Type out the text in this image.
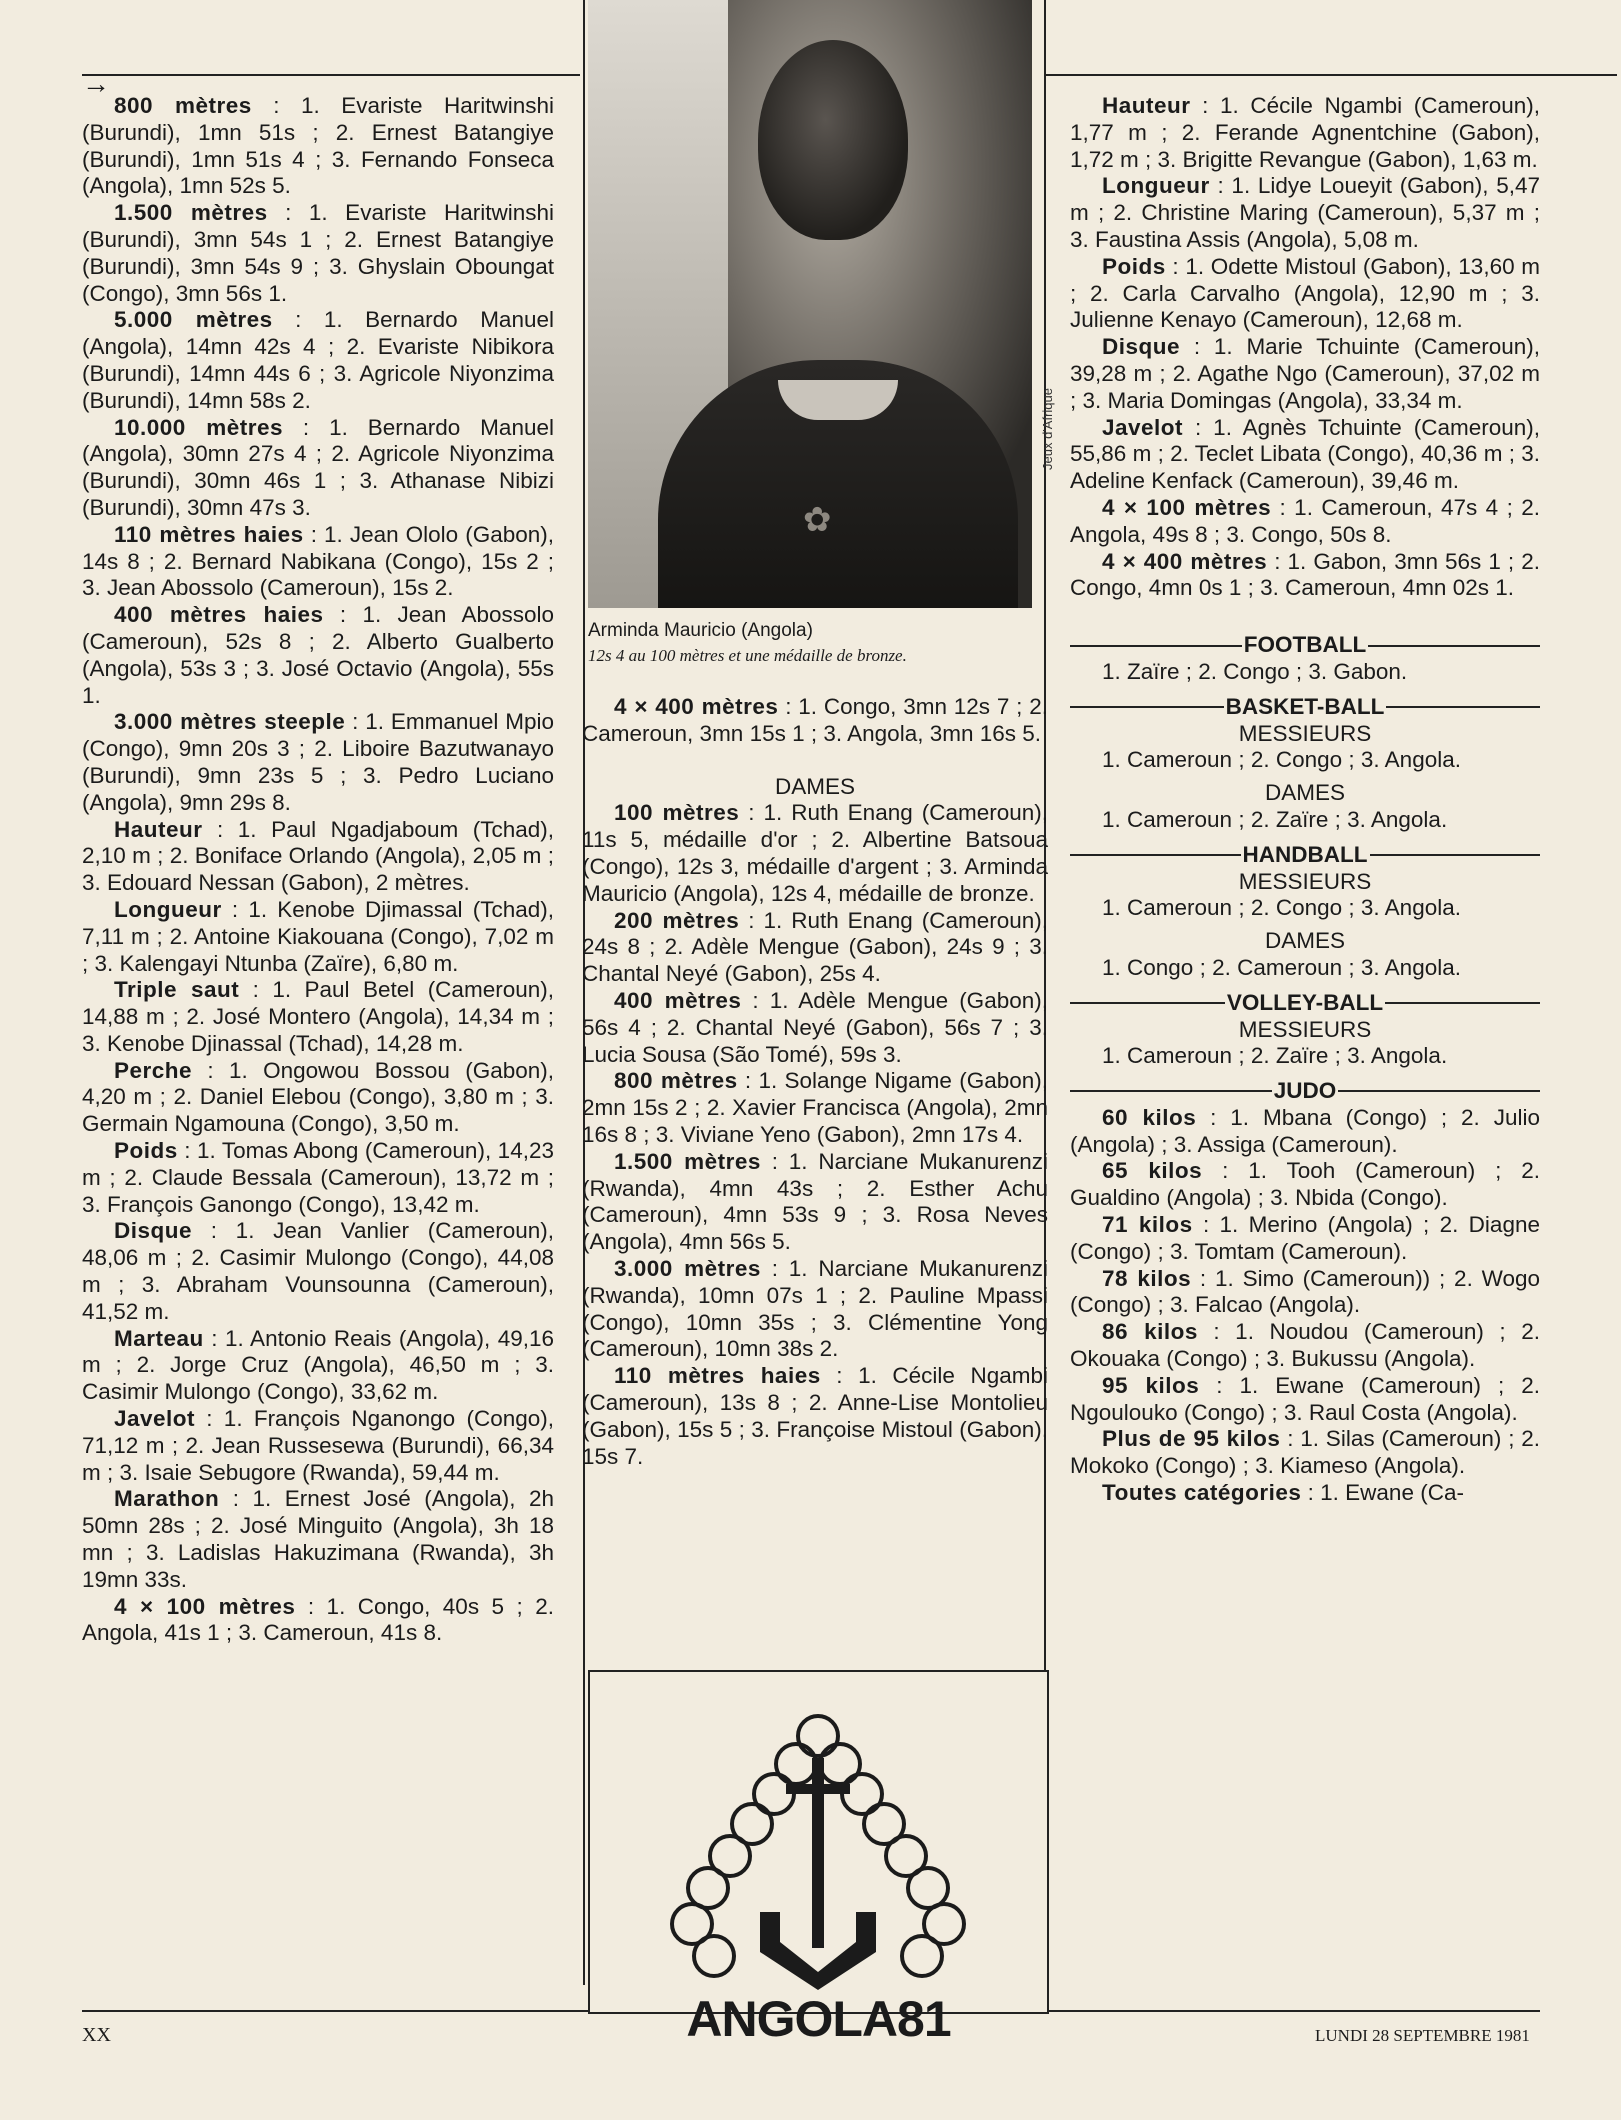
→

800 mètres : 1. Evariste Haritwinshi (Burundi), 1mn 51s ; 2. Ernest Batangiye (Burundi), 1mn 51s 4 ; 3. Fernando Fonseca (Angola), 1mn 52s 5.

1.500 mètres : 1. Evariste Haritwinshi (Burundi), 3mn 54s 1 ; 2. Ernest Batangiye (Burundi), 3mn 54s 9 ; 3. Ghyslain Oboungat (Congo), 3mn 56s 1.

5.000 mètres : 1. Bernardo Manuel (Angola), 14mn 42s 4 ; 2. Evariste Nibikora (Burundi), 14mn 44s 6 ; 3. Agricole Niyonzima (Burundi), 14mn 58s 2.

10.000 mètres : 1. Bernardo Manuel (Angola), 30mn 27s 4 ; 2. Agricole Niyonzima (Burundi), 30mn 46s 1 ; 3. Athanase Nibizi (Burundi), 30mn 47s 3.

110 mètres haies : 1. Jean Ololo (Gabon), 14s 8 ; 2. Bernard Nabikana (Congo), 15s 2 ; 3. Jean Abossolo (Cameroun), 15s 2.

400 mètres haies : 1. Jean Abossolo (Cameroun), 52s 8 ; 2. Alberto Gualberto (Angola), 53s 3 ; 3. José Octavio (Angola), 55s 1.

3.000 mètres steeple : 1. Emmanuel Mpio (Congo), 9mn 20s 3 ; 2. Liboire Bazutwanayo (Burundi), 9mn 23s 5 ; 3. Pedro Luciano (Angola), 9mn 29s 8.

Hauteur : 1. Paul Ngadjaboum (Tchad), 2,10 m ; 2. Boniface Orlando (Angola), 2,05 m ; 3. Edouard Nessan (Gabon), 2 mètres.

Longueur : 1. Kenobe Djimassal (Tchad), 7,11 m ; 2. Antoine Kiakouana (Congo), 7,02 m ; 3. Kalengayi Ntunba (Zaïre), 6,80 m.

Triple saut : 1. Paul Betel (Cameroun), 14,88 m ; 2. José Montero (Angola), 14,34 m ; 3. Kenobe Djinassal (Tchad), 14,28 m.

Perche : 1. Ongowou Bossou (Gabon), 4,20 m ; 2. Daniel Elebou (Congo), 3,80 m ; 3. Germain Ngamouna (Congo), 3,50 m.

Poids : 1. Tomas Abong (Cameroun), 14,23 m ; 2. Claude Bessala (Cameroun), 13,72 m ; 3. François Ganongo (Congo), 13,42 m.

Disque : 1. Jean Vanlier (Cameroun), 48,06 m ; 2. Casimir Mulongo (Congo), 44,08 m ; 3. Abraham Vounsounna (Cameroun), 41,52 m.

Marteau : 1. Antonio Reais (Angola), 49,16 m ; 2. Jorge Cruz (Angola), 46,50 m ; 3. Casimir Mulongo (Congo), 33,62 m.

Javelot : 1. François Nganongo (Congo), 71,12 m ; 2. Jean Russesewa (Burundi), 66,34 m ; 3. Isaie Sebugore (Rwanda), 59,44 m.

Marathon : 1. Ernest José (Angola), 2h 50mn 28s ; 2. José Minguito (Angola), 3h 18 mn ; 3. Ladislas Hakuzimana (Rwanda), 3h 19mn 33s.

4 × 100 mètres : 1. Congo, 40s 5 ; 2. Angola, 41s 1 ; 3. Cameroun, 41s 8.

✿
Jeux d'Afrique
Arminda Mauricio (Angola)
12s 4 au 100 mètres et une médaille de bronze.

4 × 400 mètres : 1. Congo, 3mn 12s 7 ; 2. Cameroun, 3mn 15s 1 ; 3. Angola, 3mn 16s 5.

DAMES

100 mètres : 1. Ruth Enang (Cameroun), 11s 5, médaille d'or ; 2. Albertine Batsoua (Congo), 12s 3, médaille d'argent ; 3. Arminda Mauricio (Angola), 12s 4, médaille de bronze.

200 mètres : 1. Ruth Enang (Cameroun), 24s 8 ; 2. Adèle Mengue (Gabon), 24s 9 ; 3. Chantal Neyé (Gabon), 25s 4.

400 mètres : 1. Adèle Mengue (Gabon), 56s 4 ; 2. Chantal Neyé (Gabon), 56s 7 ; 3. Lucia Sousa (São Tomé), 59s 3.

800 mètres : 1. Solange Nigame (Gabon), 2mn 15s 2 ; 2. Xavier Francisca (Angola), 2mn 16s 8 ; 3. Viviane Yeno (Gabon), 2mn 17s 4.

1.500 mètres : 1. Narciane Mukanurenzi (Rwanda), 4mn 43s ; 2. Esther Achu (Cameroun), 4mn 53s 9 ; 3. Rosa Neves (Angola), 4mn 56s 5.

3.000 mètres : 1. Narciane Mukanurenzi (Rwanda), 10mn 07s 1 ; 2. Pauline Mpassi (Congo), 10mn 35s ; 3. Clémentine Yong (Cameroun), 10mn 38s 2.

110 mètres haies : 1. Cécile Ngambi (Cameroun), 13s 8 ; 2. Anne-Lise Montolieu (Gabon), 15s 5 ; 3. Françoise Mistoul (Gabon), 15s 7.

ANGOLA81

Hauteur : 1. Cécile Ngambi (Cameroun), 1,77 m ; 2. Ferande Agnentchine (Gabon), 1,72 m ; 3. Brigitte Revangue (Gabon), 1,63 m.

Longueur : 1. Lidye Loueyit (Gabon), 5,47 m ; 2. Christine Maring (Cameroun), 5,37 m ; 3. Faustina Assis (Angola), 5,08 m.

Poids : 1. Odette Mistoul (Gabon), 13,60 m ; 2. Carla Carvalho (Angola), 12,90 m ; 3. Julienne Kenayo (Cameroun), 12,68 m.

Disque : 1. Marie Tchuinte (Cameroun), 39,28 m ; 2. Agathe Ngo (Cameroun), 37,02 m ; 3. Maria Domingas (Angola), 33,34 m.

Javelot : 1. Agnès Tchuinte (Cameroun), 55,86 m ; 2. Teclet Libata (Congo), 40,36 m ; 3. Adeline Kenfack (Cameroun), 39,46 m.

4 × 100 mètres : 1. Cameroun, 47s 4 ; 2. Angola, 49s 8 ; 3. Congo, 50s 8.

4 × 400 mètres : 1. Gabon, 3mn 56s 1 ; 2. Congo, 4mn 0s 1 ; 3. Cameroun, 4mn 02s 1.

FOOTBALL

1. Zaïre ; 2. Congo ; 3. Gabon.

BASKET-BALL

MESSIEURS

1. Cameroun ; 2. Congo ; 3. Angola.

DAMES

1. Cameroun ; 2. Zaïre ; 3. Angola.

HANDBALL

MESSIEURS

1. Cameroun ; 2. Congo ; 3. Angola.

DAMES

1. Congo ; 2. Cameroun ; 3. Angola.

VOLLEY-BALL

MESSIEURS

1. Cameroun ; 2. Zaïre ; 3. Angola.

JUDO

60 kilos : 1. Mbana (Congo) ; 2. Julio (Angola) ; 3. Assiga (Cameroun).

65 kilos : 1. Tooh (Cameroun) ; 2. Gualdino (Angola) ; 3. Nbida (Congo).

71 kilos : 1. Merino (Angola) ; 2. Diagne (Congo) ; 3. Tomtam (Cameroun).

78 kilos : 1. Simo (Cameroun)) ; 2. Wogo (Congo) ; 3. Falcao (Angola).

86 kilos : 1. Noudou (Cameroun) ; 2. Okouaka (Congo) ; 3. Bukussu (Angola).

95 kilos : 1. Ewane (Cameroun) ; 2. Ngoulouko (Congo) ; 3. Raul Costa (Angola).

Plus de 95 kilos : 1. Silas (Cameroun) ; 2. Mokoko (Congo) ; 3. Kiameso (Angola).

Toutes catégories : 1. Ewane (Ca-

XX	LUNDI 28 SEPTEMBRE 1981
